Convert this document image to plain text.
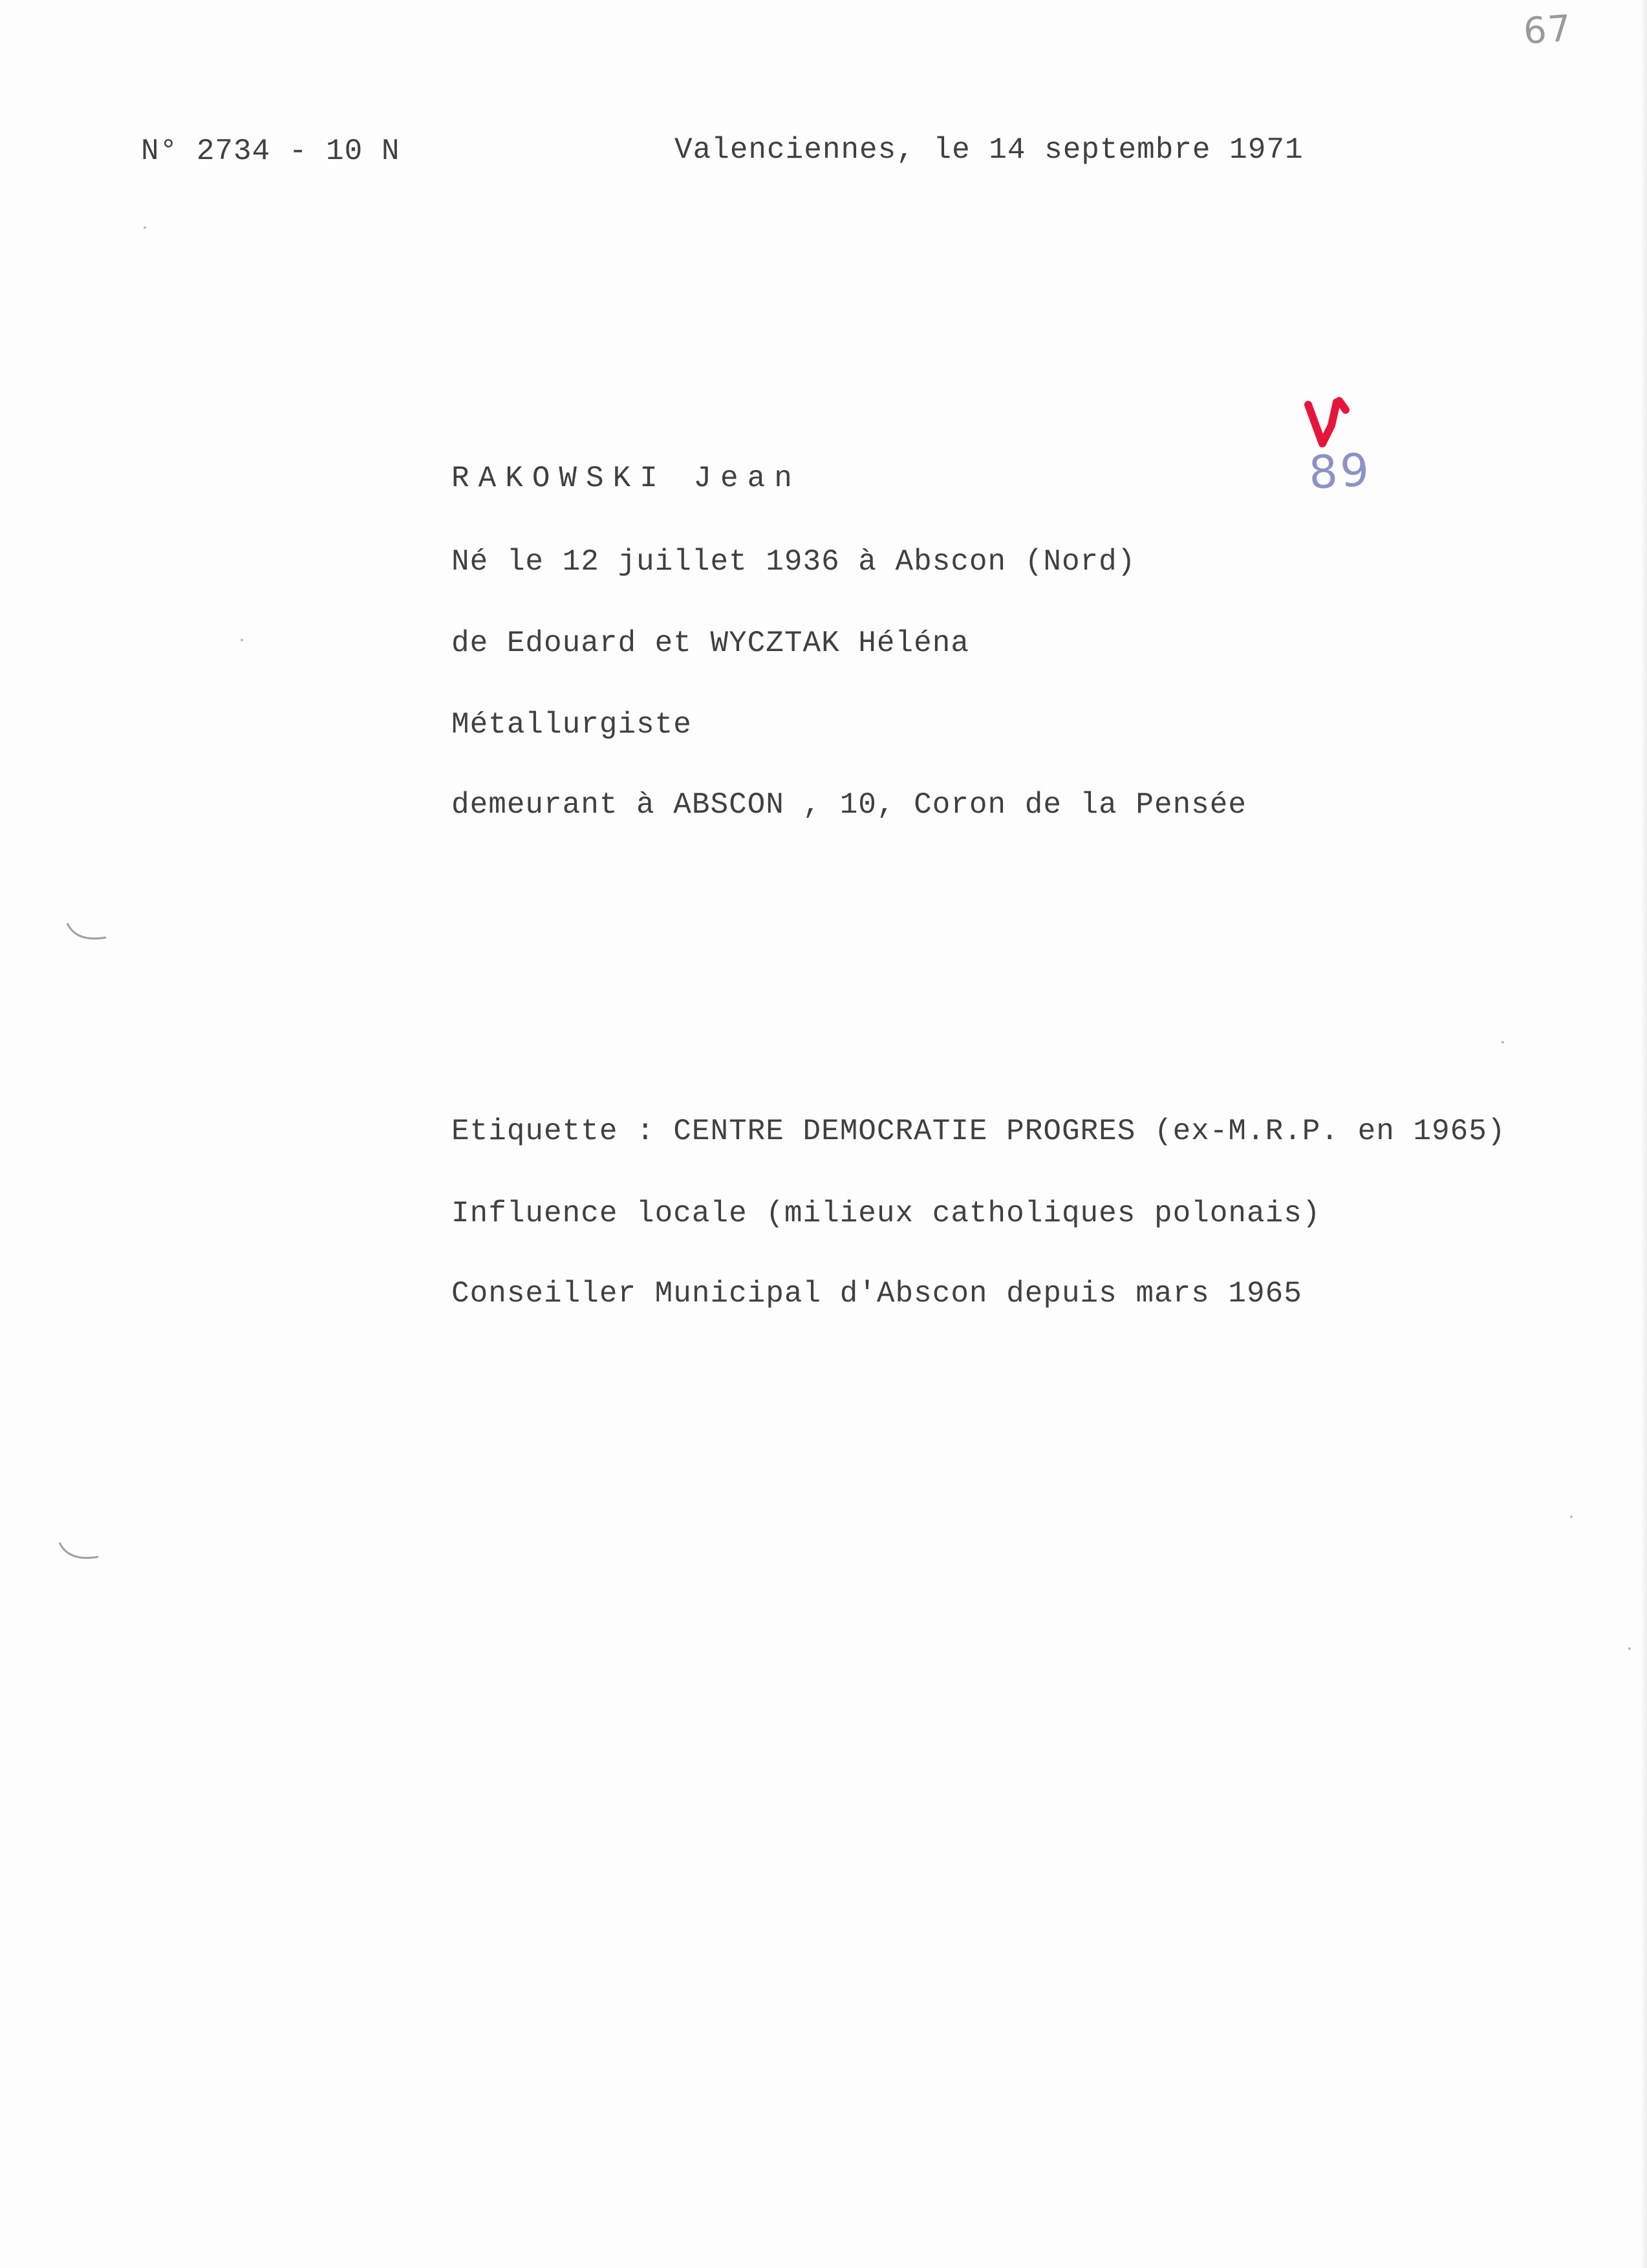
67
N° 2734 - 10 N	Valenciennes, le 14 septembre 1971
89
RAKOWSKI Jean
Né le 12 juillet 1936 à Abscon (Nord)
de Edouard et WYCZTAK Héléna
Métallurgiste
demeurant à ABSCON , 10, Coron de la Pensée
Etiquette : CENTRE DEMOCRATIE PROGRES (ex-M.R.P. en 1965)
Influence locale (milieux catholiques polonais)
Conseiller Municipal d'Abscon depuis mars 1965
